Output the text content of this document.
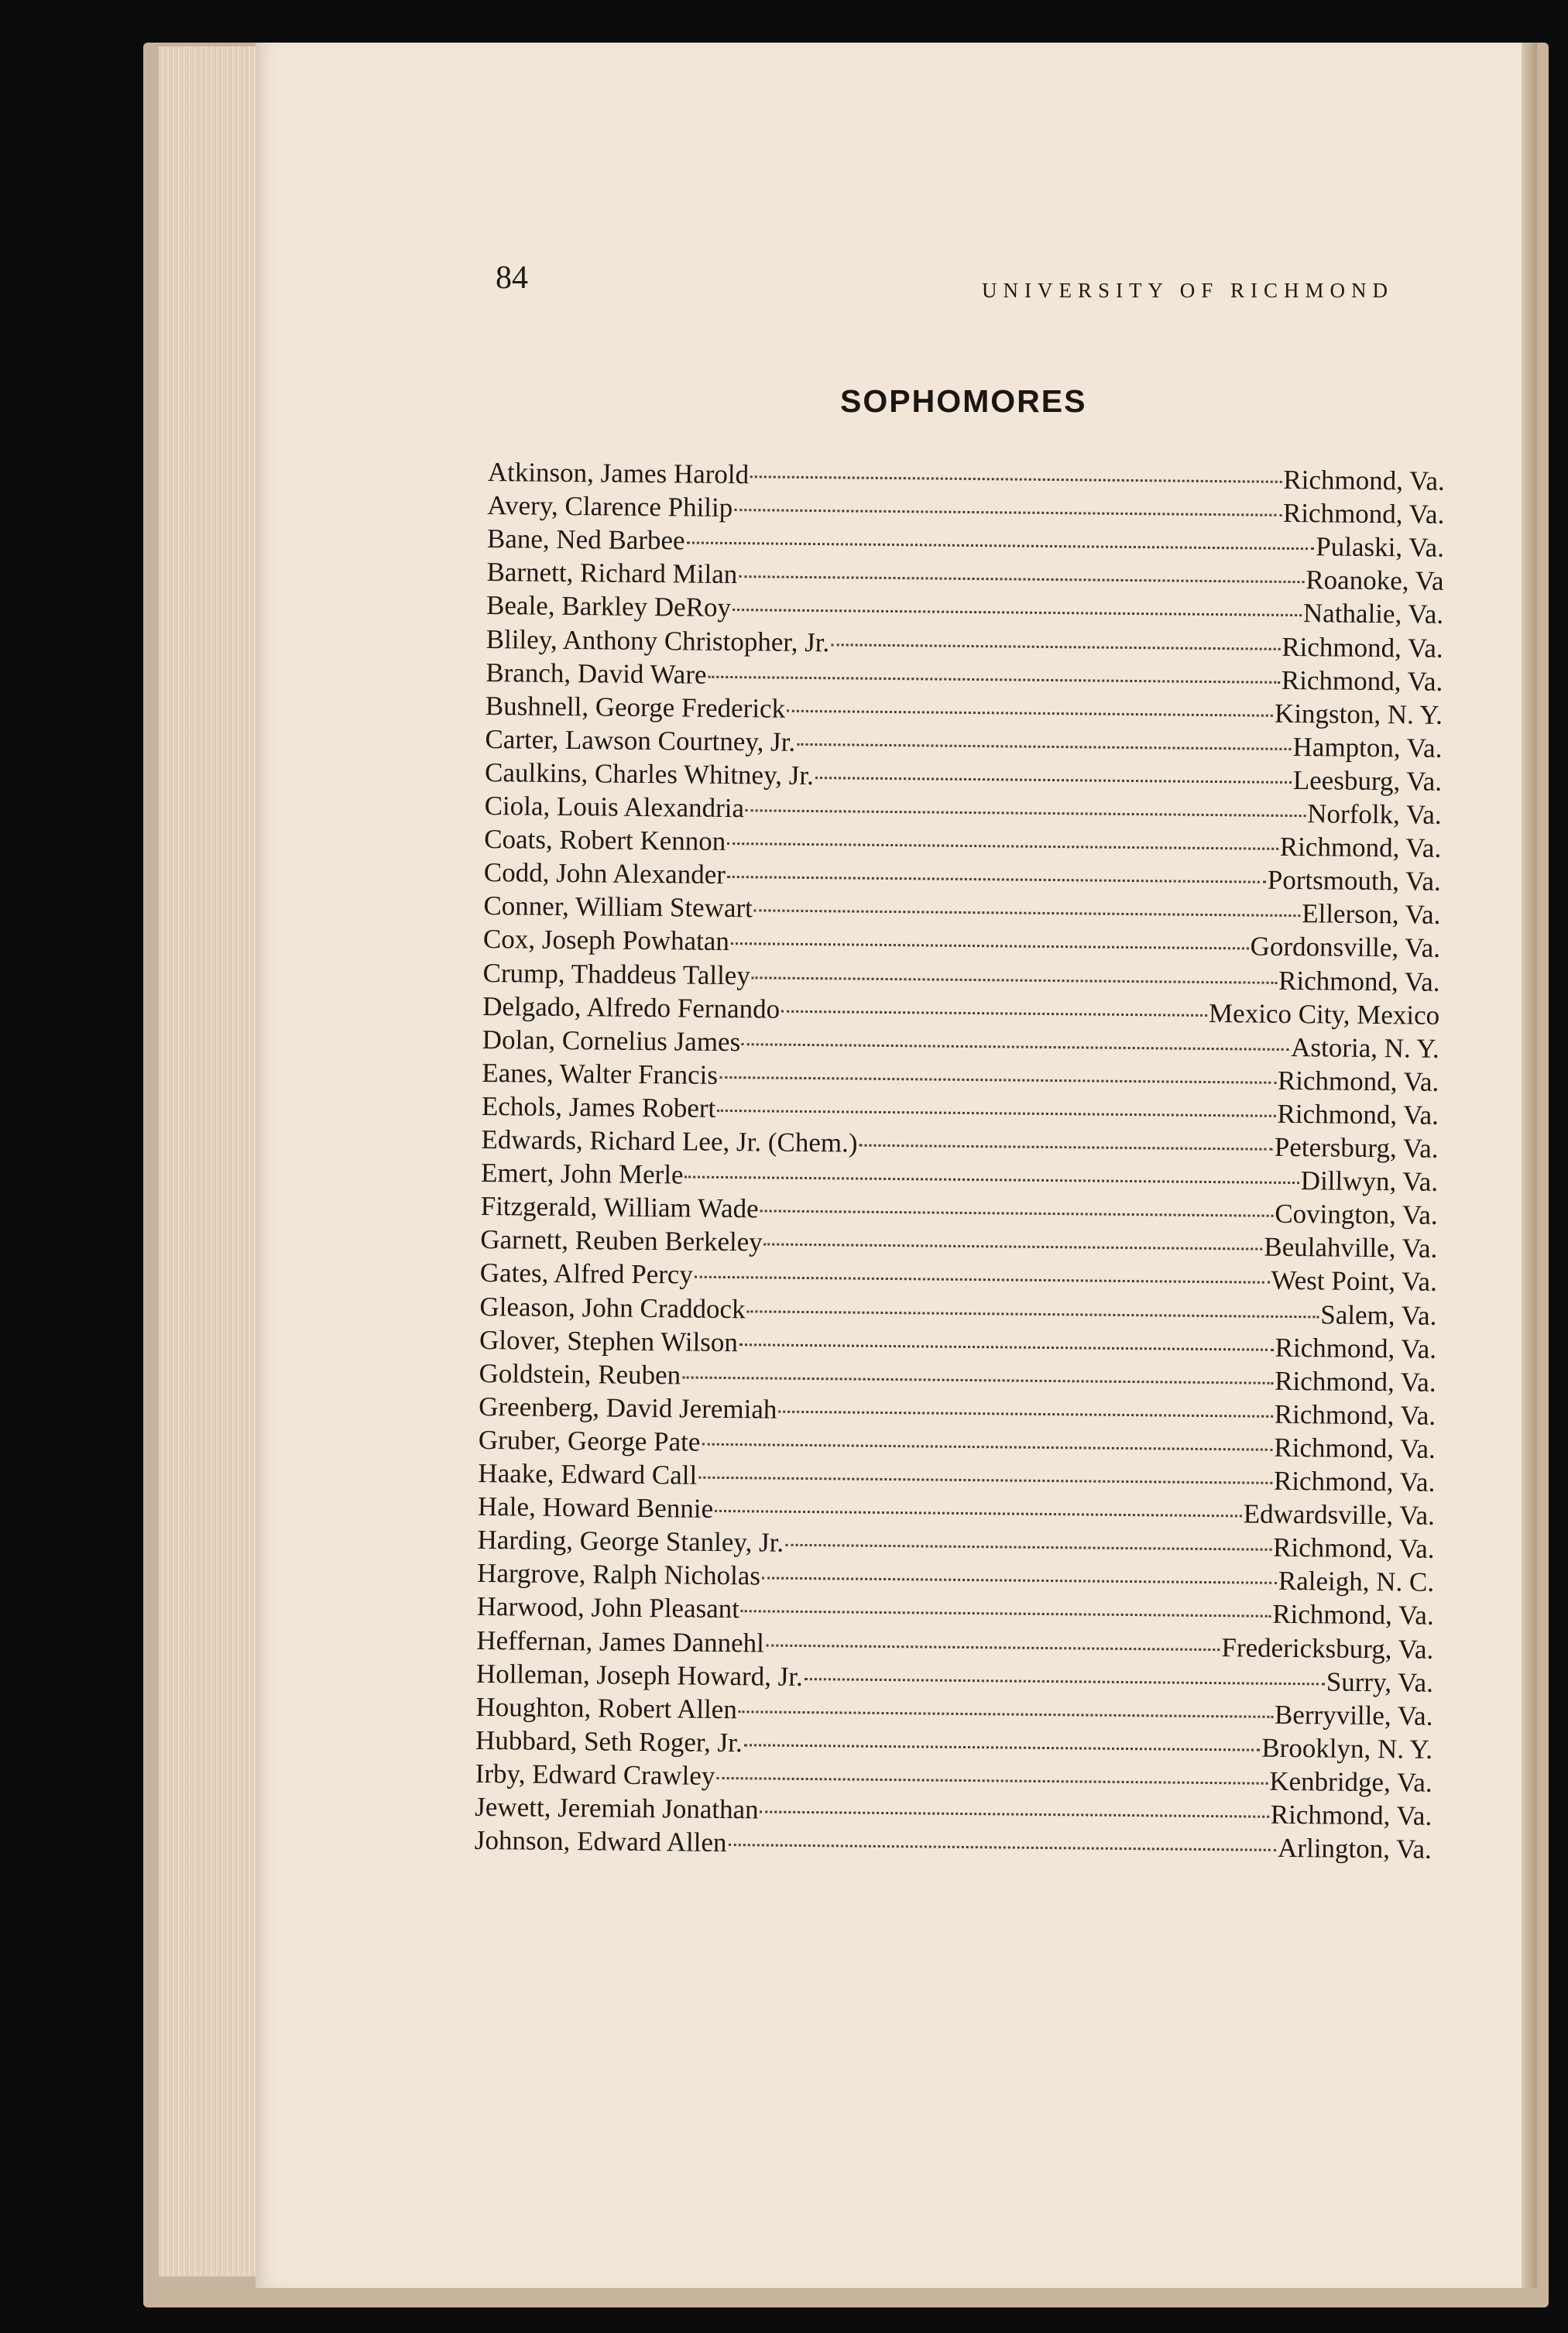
84	UNIVERSITY OF RICHMOND
SOPHOMORES
Atkinson, James Harold	Richmond, Va.
Avery, Clarence Philip	Richmond, Va.
Bane, Ned Barbee	Pulaski, Va.
Barnett, Richard Milan	Roanoke, Va
Beale, Barkley DeRoy	Nathalie, Va.
Bliley, Anthony Christopher, Jr.	Richmond, Va.
Branch, David Ware	Richmond, Va.
Bushnell, George Frederick	Kingston, N. Y.
Carter, Lawson Courtney, Jr.	Hampton, Va.
Caulkins, Charles Whitney, Jr.	Leesburg, Va.
Ciola, Louis Alexandria	Norfolk, Va.
Coats, Robert Kennon	Richmond, Va.
Codd, John Alexander	Portsmouth, Va.
Conner, William Stewart	Ellerson, Va.
Cox, Joseph Powhatan	Gordonsville, Va.
Crump, Thaddeus Talley	Richmond, Va.
Delgado, Alfredo Fernando	Mexico City, Mexico
Dolan, Cornelius James	Astoria, N. Y.
Eanes, Walter Francis	Richmond, Va.
Echols, James Robert	Richmond, Va.
Edwards, Richard Lee, Jr. (Chem.)	Petersburg, Va.
Emert, John Merle	Dillwyn, Va.
Fitzgerald, William Wade	Covington, Va.
Garnett, Reuben Berkeley	Beulahville, Va.
Gates, Alfred Percy	West Point, Va.
Gleason, John Craddock	Salem, Va.
Glover, Stephen Wilson	Richmond, Va.
Goldstein, Reuben	Richmond, Va.
Greenberg, David Jeremiah	Richmond, Va.
Gruber, George Pate	Richmond, Va.
Haake, Edward Call	Richmond, Va.
Hale, Howard Bennie	Edwardsville, Va.
Harding, George Stanley, Jr.	Richmond, Va.
Hargrove, Ralph Nicholas	Raleigh, N. C.
Harwood, John Pleasant	Richmond, Va.
Heffernan, James Dannehl	Fredericksburg, Va.
Holleman, Joseph Howard, Jr.	Surry, Va.
Houghton, Robert Allen	Berryville, Va.
Hubbard, Seth Roger, Jr.	Brooklyn, N. Y.
Irby, Edward Crawley	Kenbridge, Va.
Jewett, Jeremiah Jonathan	Richmond, Va.
Johnson, Edward Allen	Arlington, Va.
